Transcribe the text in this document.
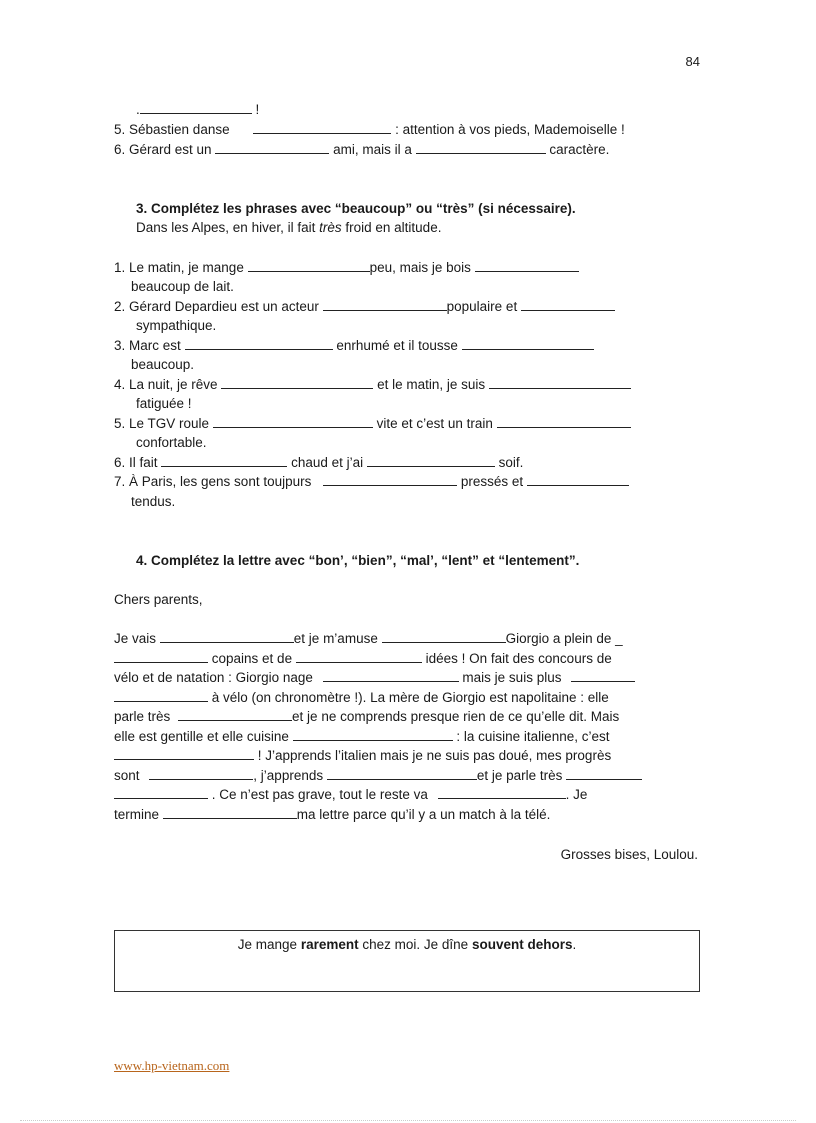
84
.	!
5. Sébastien danse	: attention à vos pieds, Mademoiselle !
6. Gérard est un	ami, mais il a	caractère.
3. Complétez les phrases avec “beaucoup” ou “très” (si nécessaire).
Dans les Alpes, en hiver, il fait très froid en altitude.
1. Le matin, je mange	peu, mais je bois
beaucoup de lait.
2. Gérard Depardieu est un acteur	populaire et
sympathique.
3. Marc est	enrhumé et il tousse
beaucoup.
4. La nuit, je rêve	et le matin, je suis
fatiguée !
5. Le TGV roule	vite et c’est un train
confortable.
6. Il fait	chaud et j’ai	soif.
7. À Paris, les gens sont toujpurs	pressés et
tendus.
4. Complétez la lettre avec “bon’, “bien”, “mal’, “lent” et “lentement”.
Chers parents,
Je vais	et je m’amuse	Giorgio a plein de _
copains et de	idées ! On fait des concours de
vélo et de natation : Giorgio nage	mais je suis plus
à vélo (on chronomètre !). La mère de Giorgio est napolitaine : elle
parle très	et je ne comprends presque rien de ce qu’elle dit. Mais
elle est gentille et elle cuisine	: la cuisine italienne, c’est
! J’apprends l’italien mais je ne suis pas doué, mes progrès
sont	, j’apprends	et je parle très
. Ce n’est pas grave, tout le reste va	. Je
termine	ma lettre parce qu’il y a un match à la télé.
Grosses bises, Loulou.
Je mange rarement chez moi. Je dîne souvent dehors.
www.hp-vietnam.com
